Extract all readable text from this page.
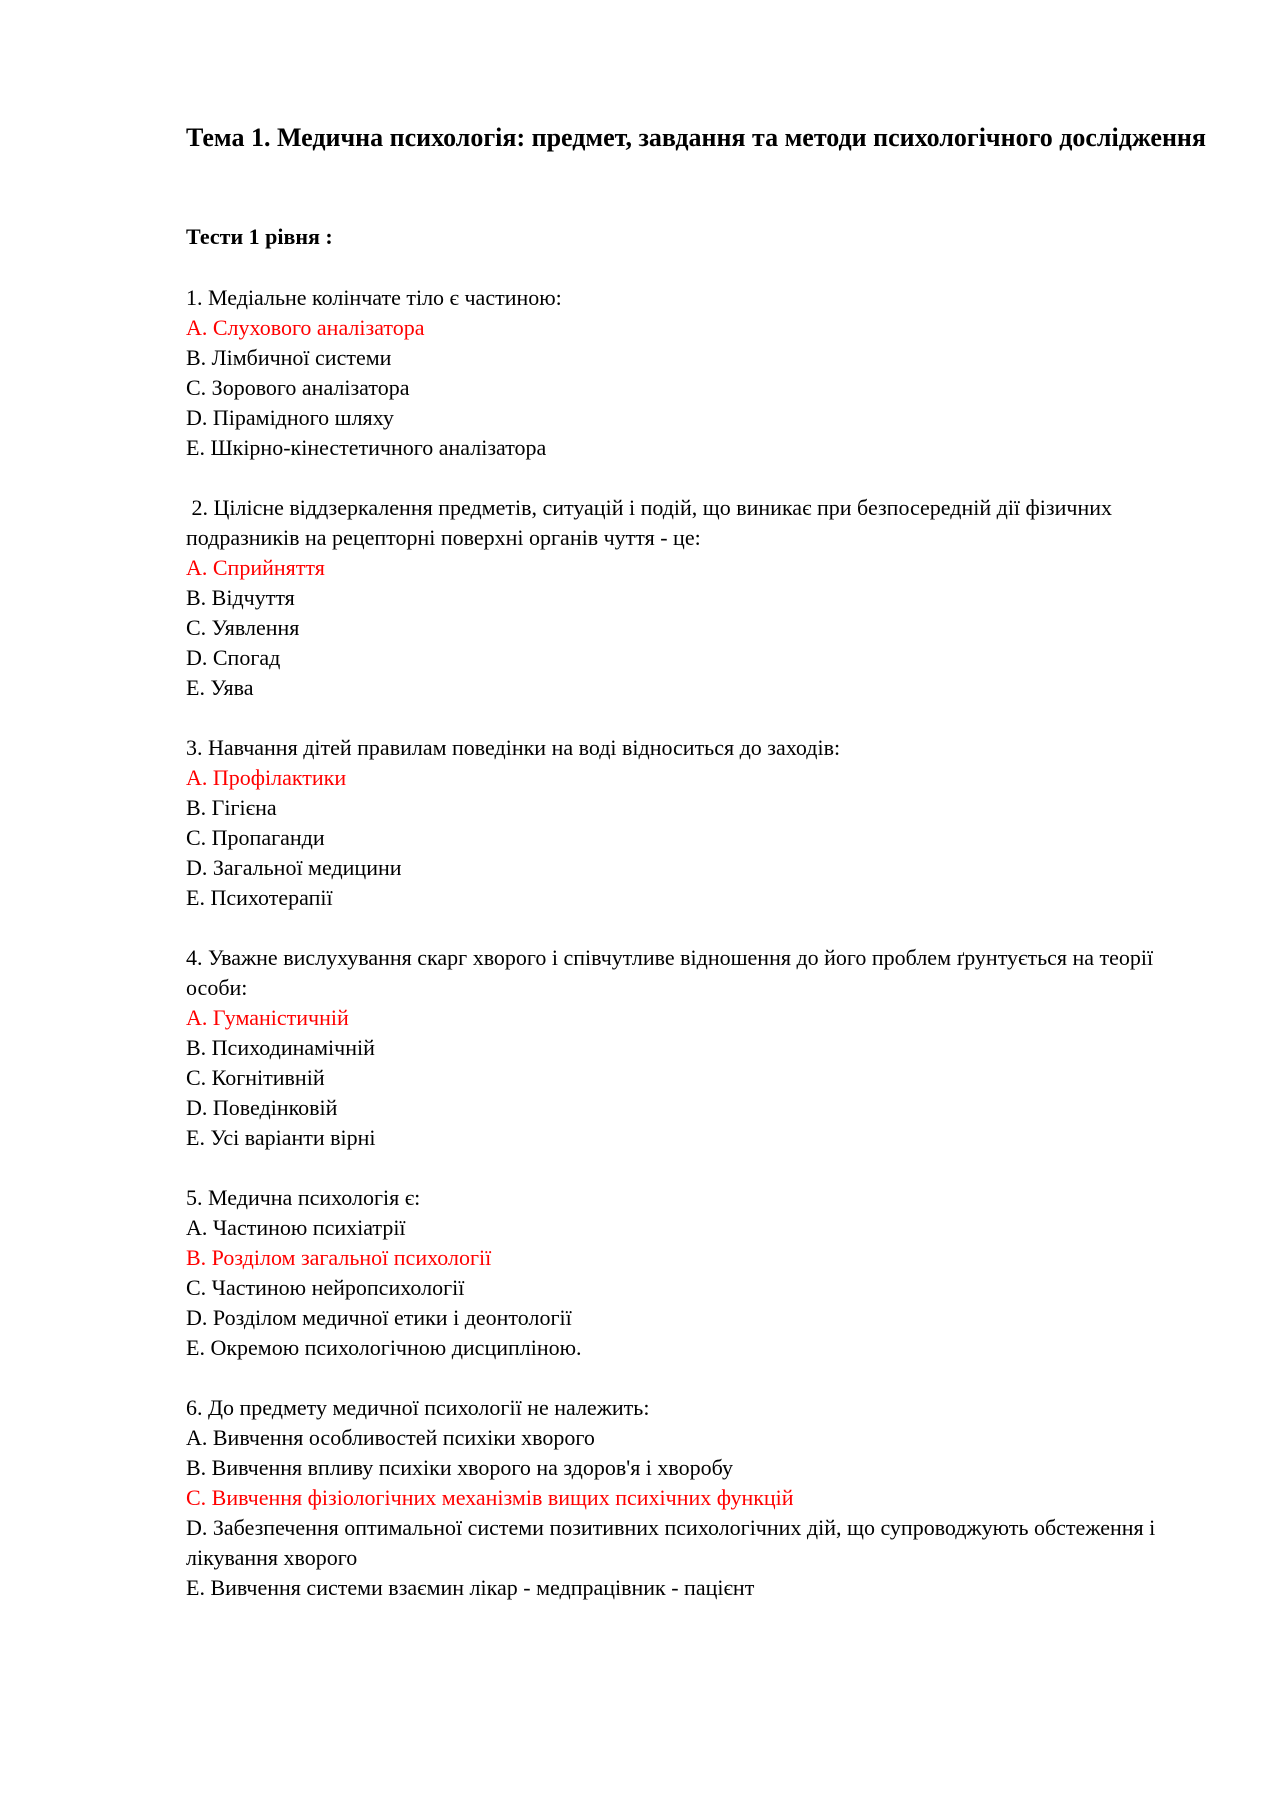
Тема 1. Медична психологія: предмет, завдання та методи психологічного дослідження
Тести 1 рівня :
1. Медіальне колінчате тіло є частиною:
A. Слухового аналізатора
B. Лімбичної системи
C. Зорового аналізатора
D. Пірамідного шляху
E. Шкірно-кінестетичного аналізатора
2. Цілісне віддзеркалення предметів, ситуацій і подій, що виникає при безпосередній дії фізичних подразників на рецепторні поверхні органів чуття - це:
A. Сприйняття
B. Відчуття
C. Уявлення
D. Спогад
E. Уява
3. Навчання дітей правилам поведінки на воді відноситься до заходів:
A. Профілактики
B. Гігієна
C. Пропаганди
D. Загальної медицини
E. Психотерапії
4. Уважне вислухування скарг хворого і співчутливе відношення до його проблем ґрунтується на теорії особи:
A. Гуманістичній
B. Психодинамічній
C. Когнітивній
D. Поведінковій
E. Усі варіанти вірні
5. Медична психологія є:
A. Частиною психіатрії
B. Розділом загальної психології
C. Частиною нейропсихології
D. Розділом медичної етики і деонтології
E. Окремою психологічною дисципліною.
6. До предмету медичної психології не належить:
A. Вивчення особливостей психіки хворого
B. Вивчення впливу психіки хворого на здоров'я і хворобу
C. Вивчення фізіологічних механізмів вищих психічних функцій
D. Забезпечення оптимальної системи позитивних психологічних дій, що супроводжують обстеження і лікування хворого
E. Вивчення системи взаємин лікар - медпрацівник - пацієнт
